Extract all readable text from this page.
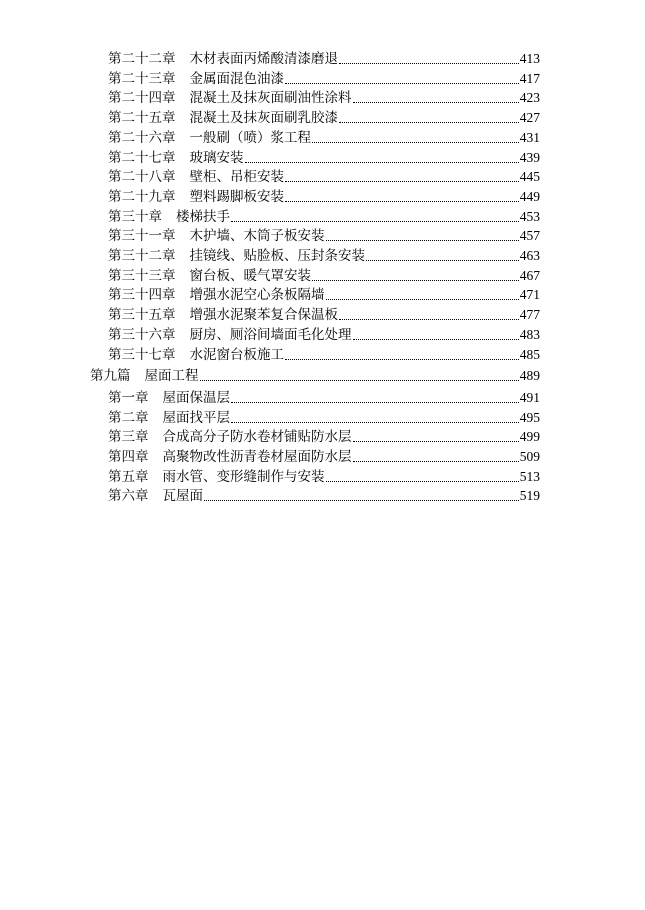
第二十二章 木材表面丙烯酸清漆磨退	413
第二十三章 金属面混色油漆	417
第二十四章 混凝土及抹灰面刷油性涂料	423
第二十五章 混凝土及抹灰面刷乳胶漆	427
第二十六章 一般刷（喷）浆工程	431
第二十七章 玻璃安装	439
第二十八章 壁柜、吊柜安装	445
第二十九章 塑料踢脚板安装	449
第三十章 楼梯扶手	453
第三十一章 木护墙、木筒子板安装	457
第三十二章 挂镜线、贴脸板、压封条安装	463
第三十三章 窗台板、暖气罩安装	467
第三十四章 增强水泥空心条板隔墙	471
第三十五章 增强水泥聚苯复合保温板	477
第三十六章 厨房、厕浴间墙面毛化处理	483
第三十七章 水泥窗台板施工	485
第九篇 屋面工程	489
第一章 屋面保温层	491
第二章 屋面找平层	495
第三章 合成高分子防水卷材铺贴防水层	499
第四章 高聚物改性沥青卷材屋面防水层	509
第五章 雨水管、变形缝制作与安装	513
第六章 瓦屋面	519
